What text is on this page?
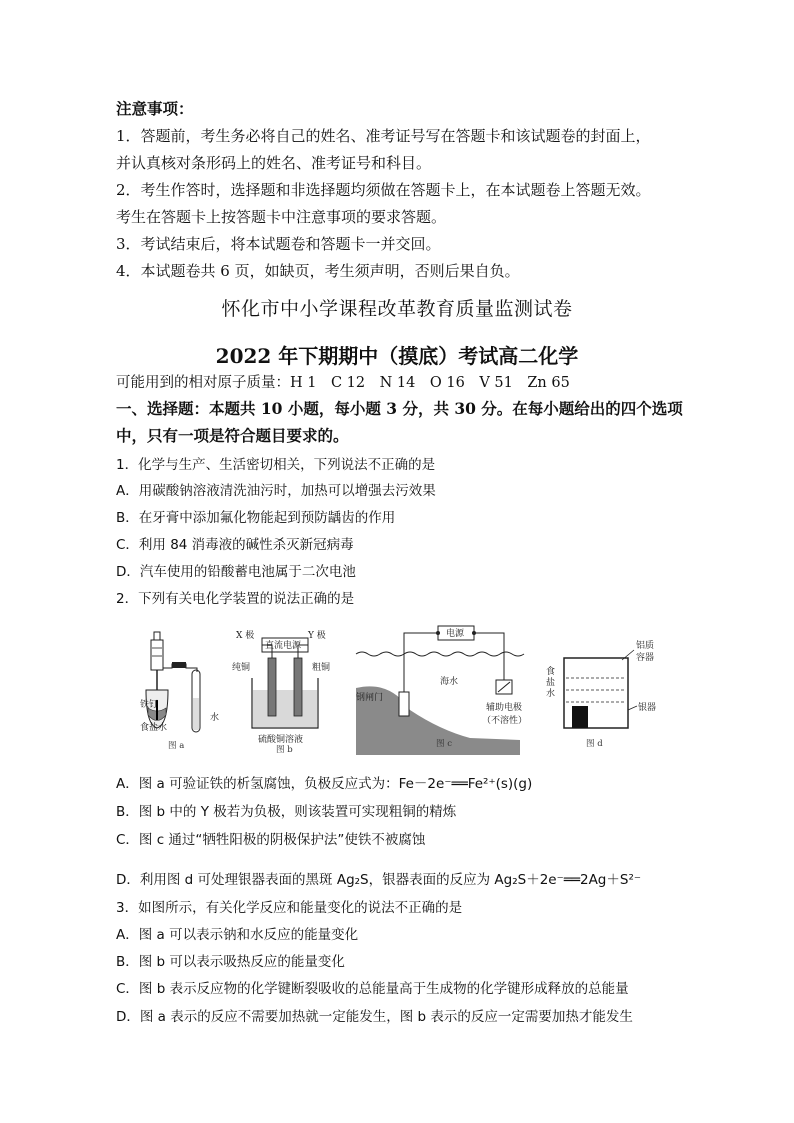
注意事项：
1．答题前，考生务必将自己的姓名、准考证号写在答题卡和该试题卷的封面上，
并认真核对条形码上的姓名、准考证号和科目。
2．考生作答时，选择题和非选择题均须做在答题卡上，在本试题卷上答题无效。
考生在答题卡上按答题卡中注意事项的要求答题。
3．考试结束后，将本试题卷和答题卡一并交回。
4．本试题卷共 6 页，如缺页，考生须声明，否则后果自负。
怀化市中小学课程改革教育质量监测试卷
2022 年下期期中（摸底）考试高二化学
可能用到的相对原子质量：H 1　C 12　N 14　O 16　V 51　Zn 65
一、选择题：本题共 10 小题，每小题 3 分，共 30 分。在每小题给出的四个选项
中，只有一项是符合题目要求的。
1．化学与生产、生活密切相关，下列说法不正确的是
A．用碳酸钠溶液清洗油污时，加热可以增强去污效果
B．在牙膏中添加氟化物能起到预防龋齿的作用
C．利用 84 消毒液的碱性杀灭新冠病毒
D．汽车使用的铅酸蓄电池属于二次电池
2．下列有关电化学装置的说法正确的是
铁钉
食盐水
水
图 a
X 极	Y 极
直流电源
纯铜	粗铜
硫酸铜溶液
图 b
电源
钢闸门
海水
辅助电极
（不溶性）
图 c
食
盐
水
铝质
容器
银器
图 d
A．图 a 可验证铁的析氢腐蚀，负极反应式为：Fe－2e⁻══Fe²⁺(s)(g)
B．图 b 中的 Y 极若为负极，则该装置可实现粗铜的精炼
C．图 c 通过“牺牲阳极的阴极保护法”使铁不被腐蚀
D．利用图 d 可处理银器表面的黑斑 Ag₂S，银器表面的反应为 Ag₂S＋2e⁻══2Ag＋S²⁻
3．如图所示，有关化学反应和能量变化的说法不正确的是
A．图 a 可以表示钠和水反应的能量变化
B．图 b 可以表示吸热反应的能量变化
C．图 b 表示反应物的化学键断裂吸收的总能量高于生成物的化学键形成释放的总能量
D．图 a 表示的反应不需要加热就一定能发生，图 b 表示的反应一定需要加热才能发生
